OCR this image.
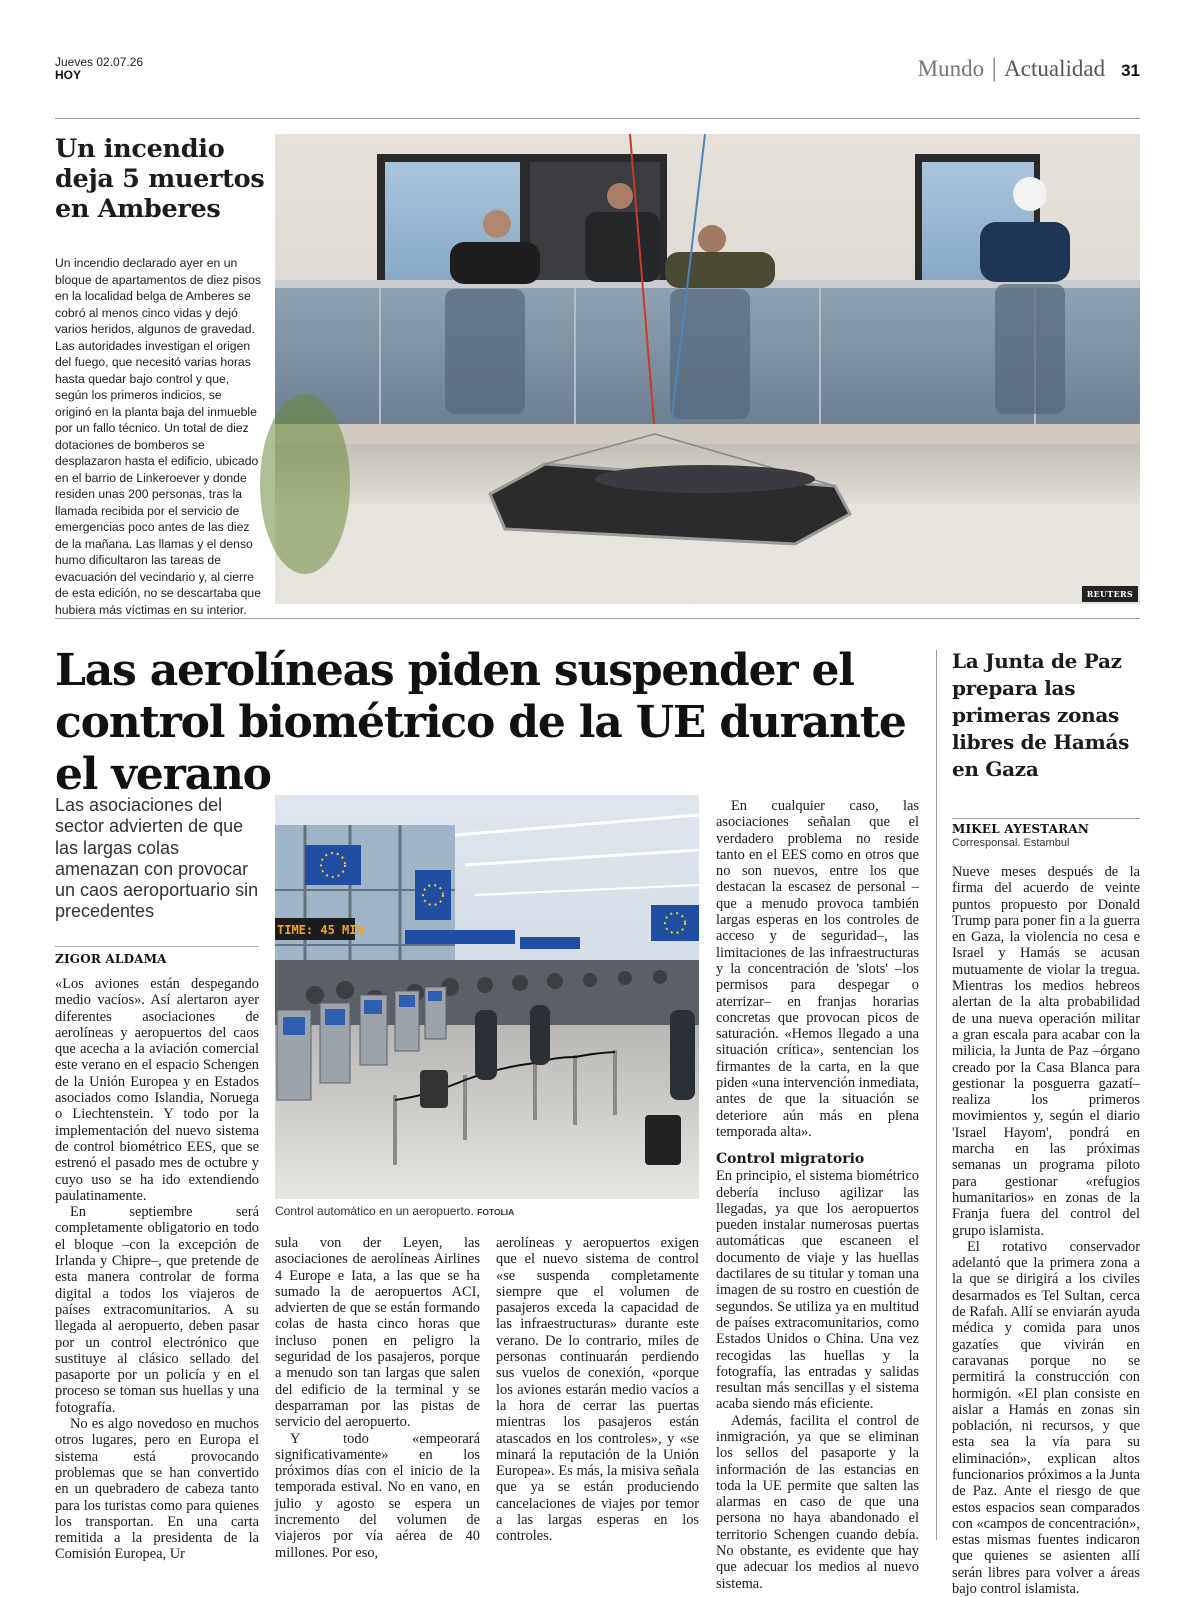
Jueves 02.07.26
HOY	Mundo | Actualidad 31
Un incendio deja 5 muertos en Amberes

Un incendio declarado ayer en un bloque de apartamentos de diez pisos en la localidad belga de Amberes se cobró al menos cinco vidas y dejó varios heridos, algunos de gravedad. Las autoridades investigan el origen del fuego, que necesitó varias horas hasta quedar bajo control y que, según los primeros indicios, se originó en la planta baja del inmueble por un fallo técnico. Un total de diez dotaciones de bomberos se desplazaron hasta el edificio, ubicado en el barrio de Linkeroever y donde residen unas 200 personas, tras la llamada recibida por el servicio de emergencias poco antes de las diez de la mañana. Las llamas y el denso humo dificultaron las tareas de evacuación del vecindario y, al cierre de esta edición, no se descartaba que hubiera más víctimas en su interior.

REUTERS
Las aerolíneas piden suspender el control biométrico de la UE durante el verano

Las asociaciones del sector advierten de que las largas colas amenazan con provocar un caos aeroportuario sin precedentes

ZIGOR ALDAMA

«Los aviones están despegando medio vacíos». Así alertaron ayer diferentes asociaciones de aerolíneas y aeropuertos del caos que acecha a la aviación comercial este verano en el espacio Schengen de la Unión Europea y en Estados asociados como Islandia, Noruega o Liechtenstein. Y todo por la implementación del nuevo sistema de control biométrico EES, que se estrenó el pasado mes de octubre y cuyo uso se ha ido extendiendo paulatinamente.

En septiembre será completamente obligatorio en todo el bloque –con la excepción de Irlanda y Chipre–, que pretende de esta manera controlar de forma digital a todos los viajeros de países extracomunitarios. A su llegada al aeropuerto, deben pasar por un control electrónico que sustituye al clásico sellado del pasaporte por un policía y en el proceso se toman sus huellas y una fotografía.

No es algo novedoso en muchos otros lugares, pero en Europa el sistema está provocando problemas que se han convertido en un quebradero de cabeza tanto para los turistas como para quienes los transportan. En una carta remitida a la presidenta de la Comisión Europea, Ur

TIME: 45 MIN
Control automático en un aeropuerto. FOTOLIA

sula von der Leyen, las asociaciones de aerolíneas Airlines 4 Europe e Iata, a las que se ha sumado la de aeropuertos ACI, advierten de que se están formando colas de hasta cinco horas que incluso ponen en peligro la seguridad de los pasajeros, porque a menudo son tan largas que salen del edificio de la terminal y se desparraman por las pistas de servicio del aeropuerto.

Y todo «empeorará significativamente» en los próximos días con el inicio de la temporada estival. No en vano, en julio y agosto se espera un incremento del volumen de viajeros por vía aérea de 40 millones. Por eso,

aerolíneas y aeropuertos exigen que el nuevo sistema de control «se suspenda completamente siempre que el volumen de pasajeros exceda la capacidad de las infraestructuras» durante este verano. De lo contrario, miles de personas continuarán perdiendo sus vuelos de conexión, «porque los aviones estarán medio vacíos a la hora de cerrar las puertas mientras los pasajeros están atascados en los controles», y «se minará la reputación de la Unión Europea». Es más, la misiva señala que ya se están produciendo cancelaciones de viajes por temor a las largas esperas en los controles.

En cualquier caso, las asociaciones señalan que el verdadero problema no reside tanto en el EES como en otros que no son nuevos, entre los que destacan la escasez de personal –que a menudo provoca también largas esperas en los controles de acceso y de seguridad–, las limitaciones de las infraestructuras y la concentración de 'slots' –los permisos para despegar o aterrizar– en franjas horarias concretas que provocan picos de saturación. «Hemos llegado a una situación crítica», sentencian los firmantes de la carta, en la que piden «una intervención inmediata, antes de que la situación se deteriore aún más en plena temporada alta».

Control migratorio

En principio, el sistema biométrico debería incluso agilizar las llegadas, ya que los aeropuertos pueden instalar numerosas puertas automáticas que escaneen el documento de viaje y las huellas dactilares de su titular y toman una imagen de su rostro en cuestión de segundos. Se utiliza ya en multitud de países extracomunitarios, como Estados Unidos o China. Una vez recogidas las huellas y la fotografía, las entradas y salidas resultan más sencillas y el sistema acaba siendo más eficiente.

Además, facilita el control de inmigración, ya que se eliminan los sellos del pasaporte y la información de las estancias en toda la UE permite que salten las alarmas en caso de que una persona no haya abandonado el territorio Schengen cuando debía. No obstante, es evidente que hay que adecuar los medios al nuevo sistema.

La Junta de Paz prepara las primeras zonas libres de Hamás en Gaza
MIKEL AYESTARAN
Corresponsal. Estambul

Nueve meses después de la firma del acuerdo de veinte puntos propuesto por Donald Trump para poner fin a la guerra en Gaza, la violencia no cesa e Israel y Hamás se acusan mutuamente de violar la tregua. Mientras los medios hebreos alertan de la alta probabilidad de una nueva operación militar a gran escala para acabar con la milicia, la Junta de Paz –órgano creado por la Casa Blanca para gestionar la posguerra gazatí– realiza los primeros movimientos y, según el diario 'Israel Hayom', pondrá en marcha en las próximas semanas un programa piloto para gestionar «refugios humanitarios» en zonas de la Franja fuera del control del grupo islamista.

El rotativo conservador adelantó que la primera zona a la que se dirigirá a los civiles desarmados es Tel Sultan, cerca de Rafah. Allí se enviarán ayuda médica y comida para unos gazatíes que vivirán en caravanas porque no se permitirá la construcción con hormigón. «El plan consiste en aislar a Hamás en zonas sin población, ni recursos, y que esta sea la vía para su eliminación», explican altos funcionarios próximos a la Junta de Paz. Ante el riesgo de que estos espacios sean comparados con «campos de concentración», estas mismas fuentes indicaron que quienes se asienten allí serán libres para volver a áreas bajo control islamista.
